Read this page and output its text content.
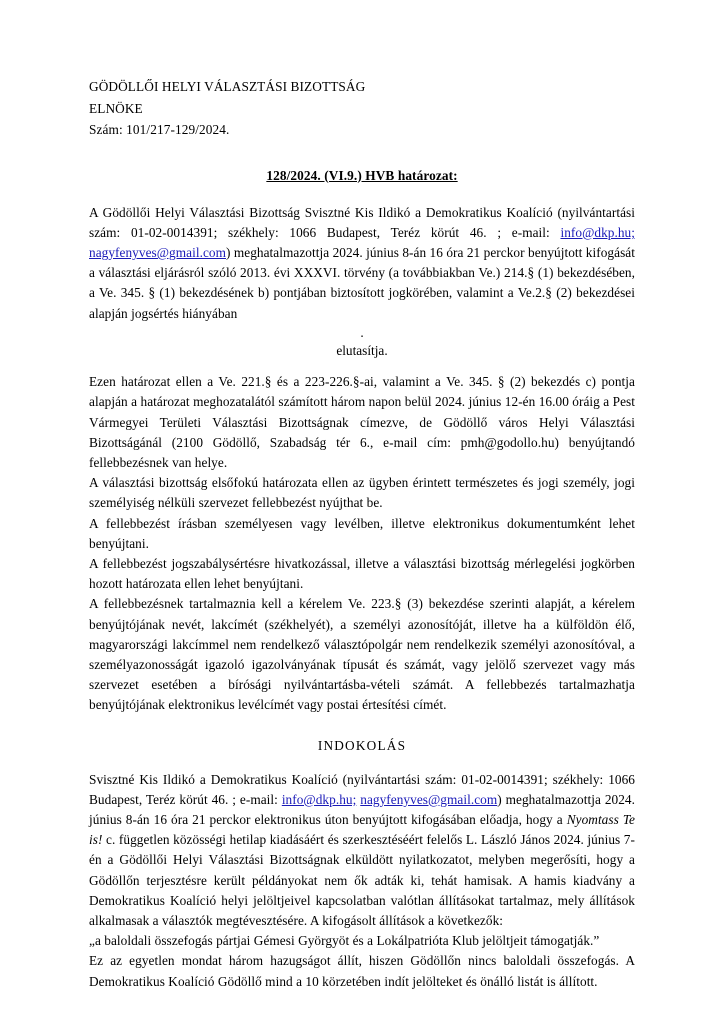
GÖDÖLLŐI HELYI VÁLASZTÁSI BIZOTTSÁG
ELNÖKE
Szám: 101/217-129/2024.
128/2024. (VI.9.) HVB határozat:

A Gödöllői Helyi Választási Bizottság Svisztné Kis Ildikó a Demokratikus Koalíció (nyilvántartási szám: 01-02-0014391; székhely: 1066 Budapest, Teréz körút 46. ; e-mail: info@dkp.hu; nagyfenyves@gmail.com) meghatalmazottja 2024. június 8-án 16 óra 21 perckor benyújtott kifogását a választási eljárásról szóló 2013. évi XXXVI. törvény (a továbbiakban Ve.) 214.§ (1) bekezdésében, a Ve. 345. § (1) bekezdésének b) pontjában biztosított jogkörében, valamint a Ve.2.§ (2) bekezdései alapján jogsértés hiányában

.
elutasítja.

Ezen határozat ellen a Ve. 221.§ és a 223-226.§-ai, valamint a Ve. 345. § (2) bekezdés c) pontja alapján a határozat meghozatalától számított három napon belül 2024. június 12-én 16.00 óráig a Pest Vármegyei Területi Választási Bizottságnak címezve, de Gödöllő város Helyi Választási Bizottságánál (2100 Gödöllő, Szabadság tér 6., e-mail cím: pmh@godollo.hu) benyújtandó fellebbezésnek van helye.

A választási bizottság elsőfokú határozata ellen az ügyben érintett természetes és jogi személy, jogi személyiség nélküli szervezet fellebbezést nyújthat be.

A fellebbezést írásban személyesen vagy levélben, illetve elektronikus dokumentumként lehet benyújtani.

A fellebbezést jogszabálysértésre hivatkozással, illetve a választási bizottság mérlegelési jogkörben hozott határozata ellen lehet benyújtani.

A fellebbezésnek tartalmaznia kell a kérelem Ve. 223.§ (3) bekezdése szerinti alapját, a kérelem benyújtójának nevét, lakcímét (székhelyét), a személyi azonosítóját, illetve ha a külföldön élő, magyarországi lakcímmel nem rendelkező választópolgár nem rendelkezik személyi azonosítóval, a személyazonosságát igazoló igazolványának típusát és számát, vagy jelölő szervezet vagy más szervezet esetében a bírósági nyilvántartásba-vételi számát. A fellebbezés tartalmazhatja benyújtójának elektronikus levélcímét vagy postai értesítési címét.

INDOKOLÁS

Svisztné Kis Ildikó a Demokratikus Koalíció (nyilvántartási szám: 01-02-0014391; székhely: 1066 Budapest, Teréz körút 46. ; e-mail: info@dkp.hu; nagyfenyves@gmail.com) meghatalmazottja 2024. június 8-án 16 óra 21 perckor elektronikus úton benyújtott kifogásában előadja, hogy a Nyomtass Te is! c. független közösségi hetilap kiadásáért és szerkesztéséért felelős L. László János 2024. június 7-én a Gödöllői Helyi Választási Bizottságnak elküldött nyilatkozatot, melyben megerősíti, hogy a Gödöllőn terjesztésre került példányokat nem ők adták ki, tehát hamisak. A hamis kiadvány a Demokratikus Koalíció helyi jelöltjeivel kapcsolatban valótlan állításokat tartalmaz, mely állítások alkalmasak a választók megtévesztésére. A kifogásolt állítások a következők:

„a baloldali összefogás pártjai Gémesi Györgyöt és a Lokálpatrióta Klub jelöltjeit támogatják.”

Ez az egyetlen mondat három hazugságot állít, hiszen Gödöllőn nincs baloldali összefogás. A Demokratikus Koalíció Gödöllő mind a 10 körzetében indít jelölteket és önálló listát is állított.
